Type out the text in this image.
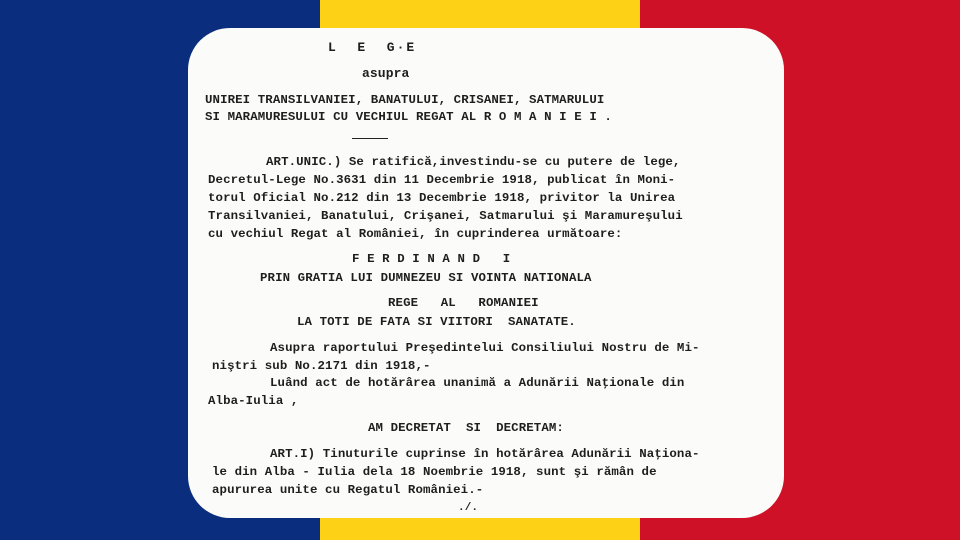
L  E  G·E
asupra
UNIREI TRANSILVANIEI, BANATULUI, CRISANEI, SATMARULUI
SI MARAMURESULUI CU VECHIUL REGAT AL R O M A N I E I .
ART.UNIC.) Se ratifică,investindu-se cu putere de lege,
Decretul-Lege No.3631 din 11 Decembrie 1918, publicat în Moni-
torul Oficial No.212 din 13 Decembrie 1918, privitor la Unirea
Transilvaniei, Banatului, Crişanei, Satmarului şi Maramureşului
cu vechiul Regat al României, în cuprinderea următoare:
F E R D I N A N D   I
PRIN GRATIA LUI DUMNEZEU SI VOINTA NATIONALA
REGE   AL   ROMANIEI
LA TOTI DE FATA SI VIITORI  SANATATE.
Asupra raportului Preşedintelui Consiliului Nostru de Mi-
niştri sub No.2171 din 1918,-
Luând act de hotărârea unanimă a Adunării Naţionale din
Alba-Iulia ,
AM DECRETAT  SI  DECRETAM:
ART.I) Tinuturile cuprinse în hotărârea Adunării Naţiona-
le din Alba - Iulia dela 18 Noembrie 1918, sunt şi rămân de
apururea unite cu Regatul României.-
./.
